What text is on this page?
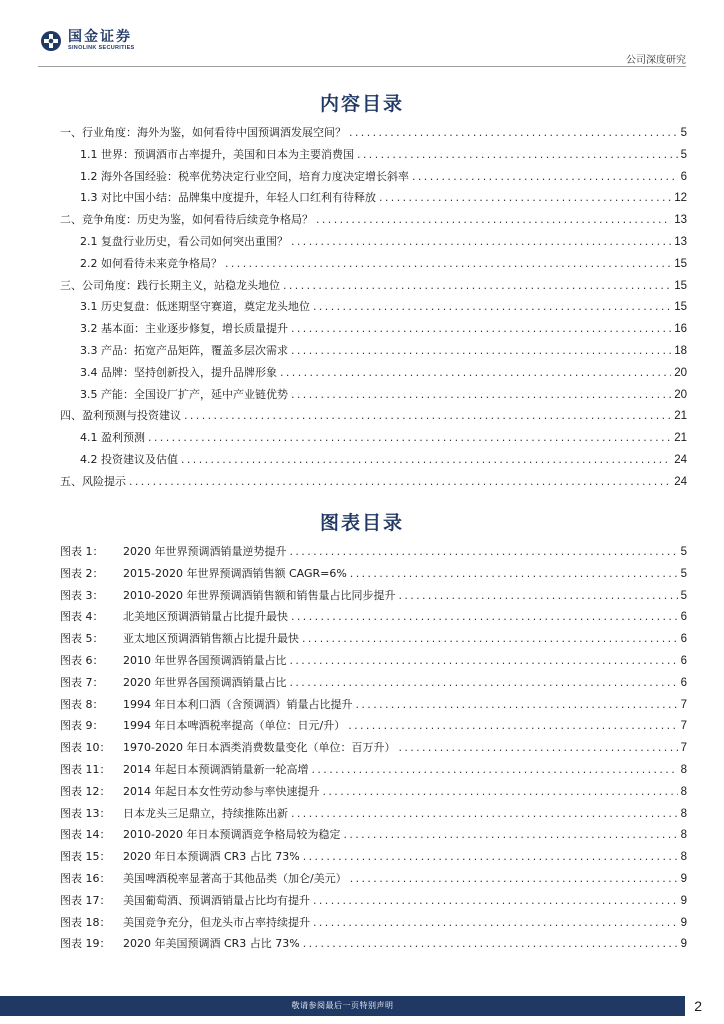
国金证券
SINOLINK SECURITIES
公司深度研究
内容目录
一、行业角度：海外为鉴，如何看待中国预调酒发展空间？ .....	5
1.1 世界：预调酒市占率提升，美国和日本为主要消费国 .....	5
1.2 海外各国经验：税率优势决定行业空间，培育力度决定增长斜率 .....	6
1.3 对比中国小结：品牌集中度提升，年轻人口红利有待释放 .....	12
二、竞争角度：历史为鉴，如何看待后续竞争格局？ .....	13
2.1 复盘行业历史，看公司如何突出重围？ .....	13
2.2 如何看待未来竞争格局？ .....	15
三、公司角度：践行长期主义，站稳龙头地位 .....	15
3.1 历史复盘：低迷期坚守赛道，奠定龙头地位 .....	15
3.2 基本面：主业逐步修复，增长质量提升 .....	16
3.3 产品：拓宽产品矩阵，覆盖多层次需求 .....	18
3.4 品牌：坚持创新投入，提升品牌形象 .....	20
3.5 产能：全国设厂扩产，延中产业链优势 .....	20
四、盈利预测与投资建议 .....	21
4.1 盈利预测 .....	21
4.2 投资建议及估值 .....	24
五、风险提示 .....	24
图表目录
图表 1：	2020 年世界预调酒销量逆势提升 .....	5
图表 2：	2015-2020 年世界预调酒销售额 CAGR=6% .....	5
图表 3：	2010-2020 年世界预调酒销售额和销售量占比同步提升 .....	5
图表 4：	北美地区预调酒销量占比提升最快 .....	6
图表 5：	亚太地区预调酒销售额占比提升最快 .....	6
图表 6：	2010 年世界各国预调酒销量占比 .....	6
图表 7：	2020 年世界各国预调酒销量占比 .....	6
图表 8：	1994 年日本利口酒（含预调酒）销量占比提升 .....	7
图表 9：	1994 年日本啤酒税率提高（单位：日元/升） .....	7
图表 10：	1970-2020 年日本酒类消费数量变化（单位：百万升） .....	7
图表 11：	2014 年起日本预调酒销量新一轮高增 .....	8
图表 12：	2014 年起日本女性劳动参与率快速提升 .....	8
图表 13：	日本龙头三足鼎立，持续推陈出新 .....	8
图表 14：	2010-2020 年日本预调酒竞争格局较为稳定 .....	8
图表 15：	2020 年日本预调酒 CR3 占比 73% .....	8
图表 16：	美国啤酒税率显著高于其他品类（加仑/美元） .....	9
图表 17：	美国葡萄酒、预调酒销量占比均有提升 .....	9
图表 18：	美国竞争充分，但龙头市占率持续提升 .....	9
图表 19：	2020 年美国预调酒 CR3 占比 73% .....	9
敬请参阅最后一页特别声明	2
